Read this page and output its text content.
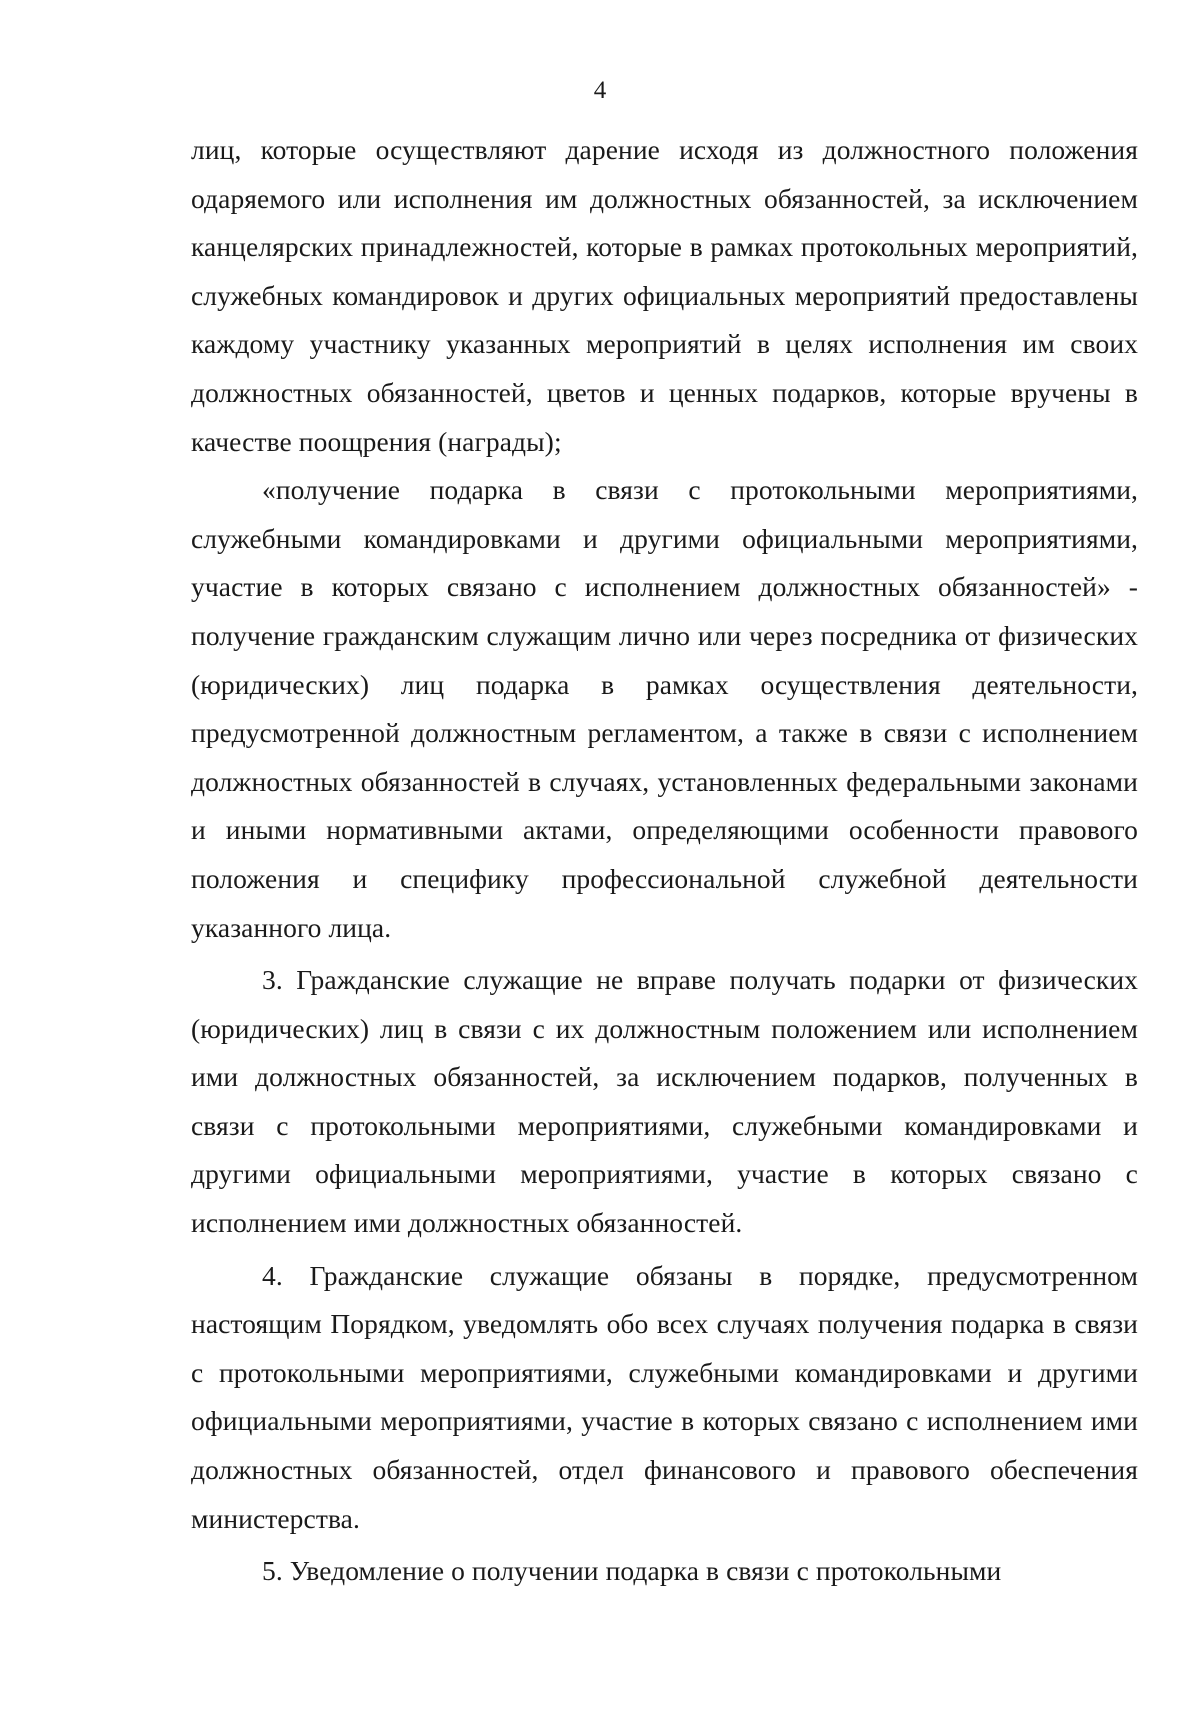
4

лиц, которые осуществляют дарение исходя из должностного положения одаряемого или исполнения им должностных обязанностей, за исключением канцелярских принадлежностей, которые в рамках протокольных мероприятий, служебных командировок и других официальных мероприятий предоставлены каждому участнику указанных мероприятий в целях исполнения им своих должностных обязанностей, цветов и ценных подарков, которые вручены в качестве поощрения (награды);

«получение подарка в связи с протокольными мероприятиями, служебными командировками и другими официальными мероприятиями, участие в которых связано с исполнением должностных обязанностей» - получение гражданским служащим лично или через посредника от физических (юридических) лиц подарка в рамках осуществления деятельности, предусмотренной должностным регламентом, а также в связи с исполнением должностных обязанностей в случаях, установленных федеральными законами и иными нормативными актами, определяющими особенности правового положения и специфику профессиональной служебной деятельности указанного лица.

3. Гражданские служащие не вправе получать подарки от физических (юридических) лиц в связи с их должностным положением или исполнением ими должностных обязанностей, за исключением подарков, полученных в связи с протокольными мероприятиями, служебными командировками и другими официальными мероприятиями, участие в которых связано с исполнением ими должностных обязанностей.

4. Гражданские служащие обязаны в порядке, предусмотренном настоящим Порядком, уведомлять обо всех случаях получения подарка в связи с протокольными мероприятиями, служебными командировками и другими официальными мероприятиями, участие в которых связано с исполнением ими должностных обязанностей, отдел финансового и правового обеспечения министерства.

5. Уведомление о получении подарка в связи с протокольными
